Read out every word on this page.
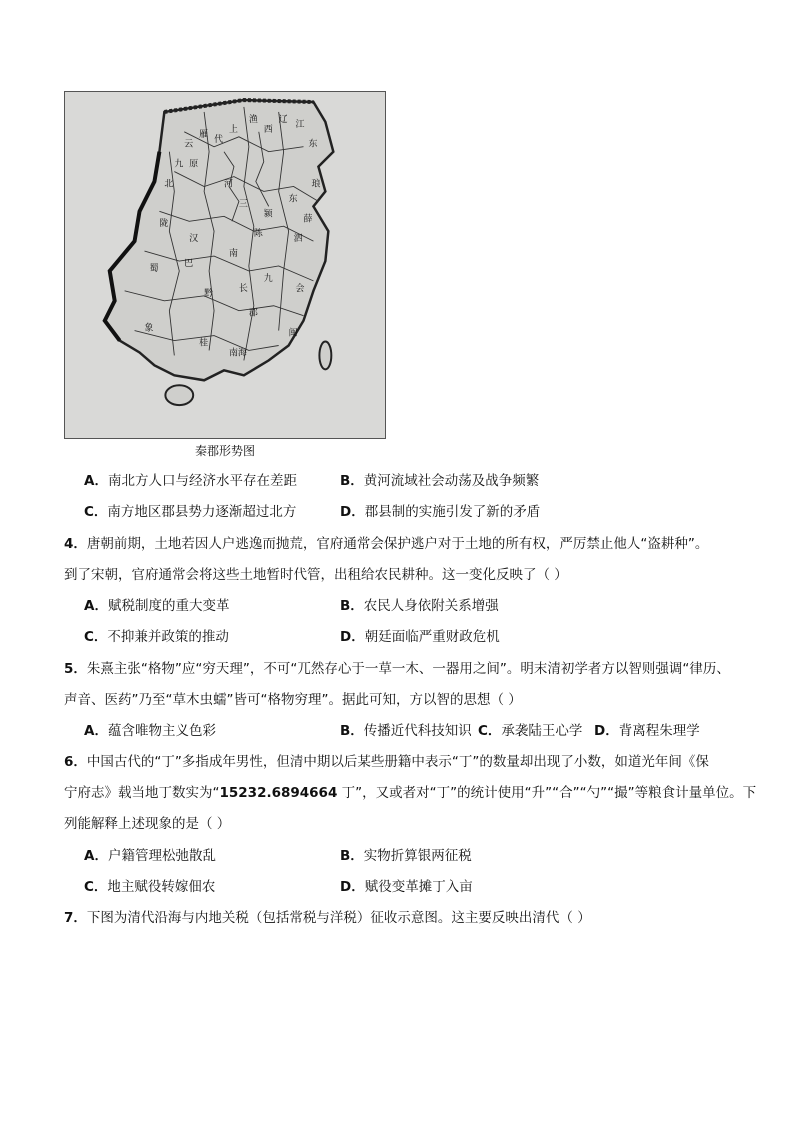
江
东
辽
西
渔
上
代
雁
云
九 原
北
陇
河
三
颍
陈
东
泗
薛
琅
会
闽
九
长
黔
巴
蜀
汉
南
象
桂
南海
郡
秦郡形势图
A．南北方人口与经济水平存在差距	B．黄河流域社会动荡及战争频繁
C．南方地区郡县势力逐渐超过北方	D．郡县制的实施引发了新的矛盾
4．唐朝前期，土地若因人户逃逸而抛荒，官府通常会保护逃户对于土地的所有权，严厉禁止他人“盗耕种”。
到了宋朝，官府通常会将这些土地暂时代管，出租给农民耕种。这一变化反映了（ ）
A．赋税制度的重大变革	B．农民人身依附关系增强
C．不抑兼并政策的推动	D．朝廷面临严重财政危机
5．朱熹主张“格物”应“穷天理”，不可“兀然存心于一草一木、一器用之间”。明末清初学者方以智则强调“律历、
声音、医药”乃至“草木虫蠕”皆可“格物穷理”。据此可知，方以智的思想（ ）
A．蕴含唯物主义色彩	B．传播近代科技知识 C．承袭陆王心学 D．背离程朱理学
6．中国古代的“丁”多指成年男性，但清中期以后某些册籍中表示“丁”的数量却出现了小数，如道光年间《保
宁府志》载当地丁数实为“15232.6894664 丁”，又或者对“丁”的统计使用“升”“合”“勺”“撮”等粮食计量单位。下
列能解释上述现象的是（ ）
A．户籍管理松弛散乱	B．实物折算银两征税
C．地主赋役转嫁佃农	D．赋役变革摊丁入亩
7．下图为清代沿海与内地关税（包括常税与洋税）征收示意图。这主要反映出清代（ ）
